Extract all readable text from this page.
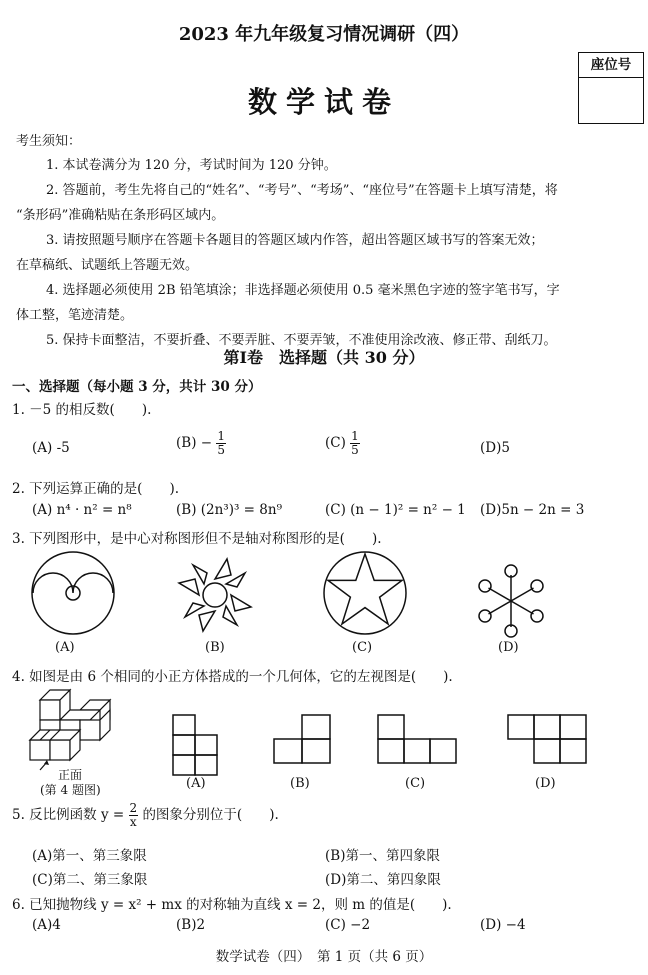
2023 年九年级复习情况调研（四）
数学试卷
座位号
考生须知：
1. 本试卷满分为 120 分，考试时间为 120 分钟。
2. 答题前，考生先将自己的“姓名”、“考号”、“考场”、“座位号”在答题卡上填写清楚，将
“条形码”准确粘贴在条形码区域内。
3. 请按照题号顺序在答题卡各题目的答题区域内作答，超出答题区域书写的答案无效；
在草稿纸、试题纸上答题无效。
4. 选择题必须使用 2B 铅笔填涂；非选择题必须使用 0.5 毫米黑色字迹的签字笔书写，字
体工整，笔迹清楚。
5. 保持卡面整洁，不要折叠、不要弄脏、不要弄皱，不准使用涂改液、修正带、刮纸刀。
第Ⅰ卷　选择题（共 30 分）
一、选择题（每小题 3 分，共计 30 分）
1. －5 的相反数(　　).
(A) -5	$(B) - \frac{1}{5}$	$(C) \frac{1}{5}$	(D)5
2. 下列运算正确的是(　　).
(A) n⁴ · n² = n⁸	(B) (2n³)³ = 8n⁹	(C) (n − 1)² = n² − 1 (D)5n − 2n = 3
3. 下列图形中，是中心对称图形但不是轴对称图形的是(　　).
(A)	(B)	(C)	(D)
4. 如图是由 6 个相同的小正方体搭成的一个几何体，它的左视图是(　　).
正面
(第 4 题图)	(A)	(B)	(C)	(D)
5. 反比例函数 $y = \frac{2}{x}$ 的图象分别位于(　　).
(A)第一、第三象限	(B)第一、第四象限
(C)第二、第三象限	(D)第二、第四象限
6. 已知抛物线 y = x² + mx 的对称轴为直线 x = 2，则 m 的值是(　　).
(A)4	(B)2	(C) −2	(D) −4
数学试卷（四）　第 1 页（共 6 页）
